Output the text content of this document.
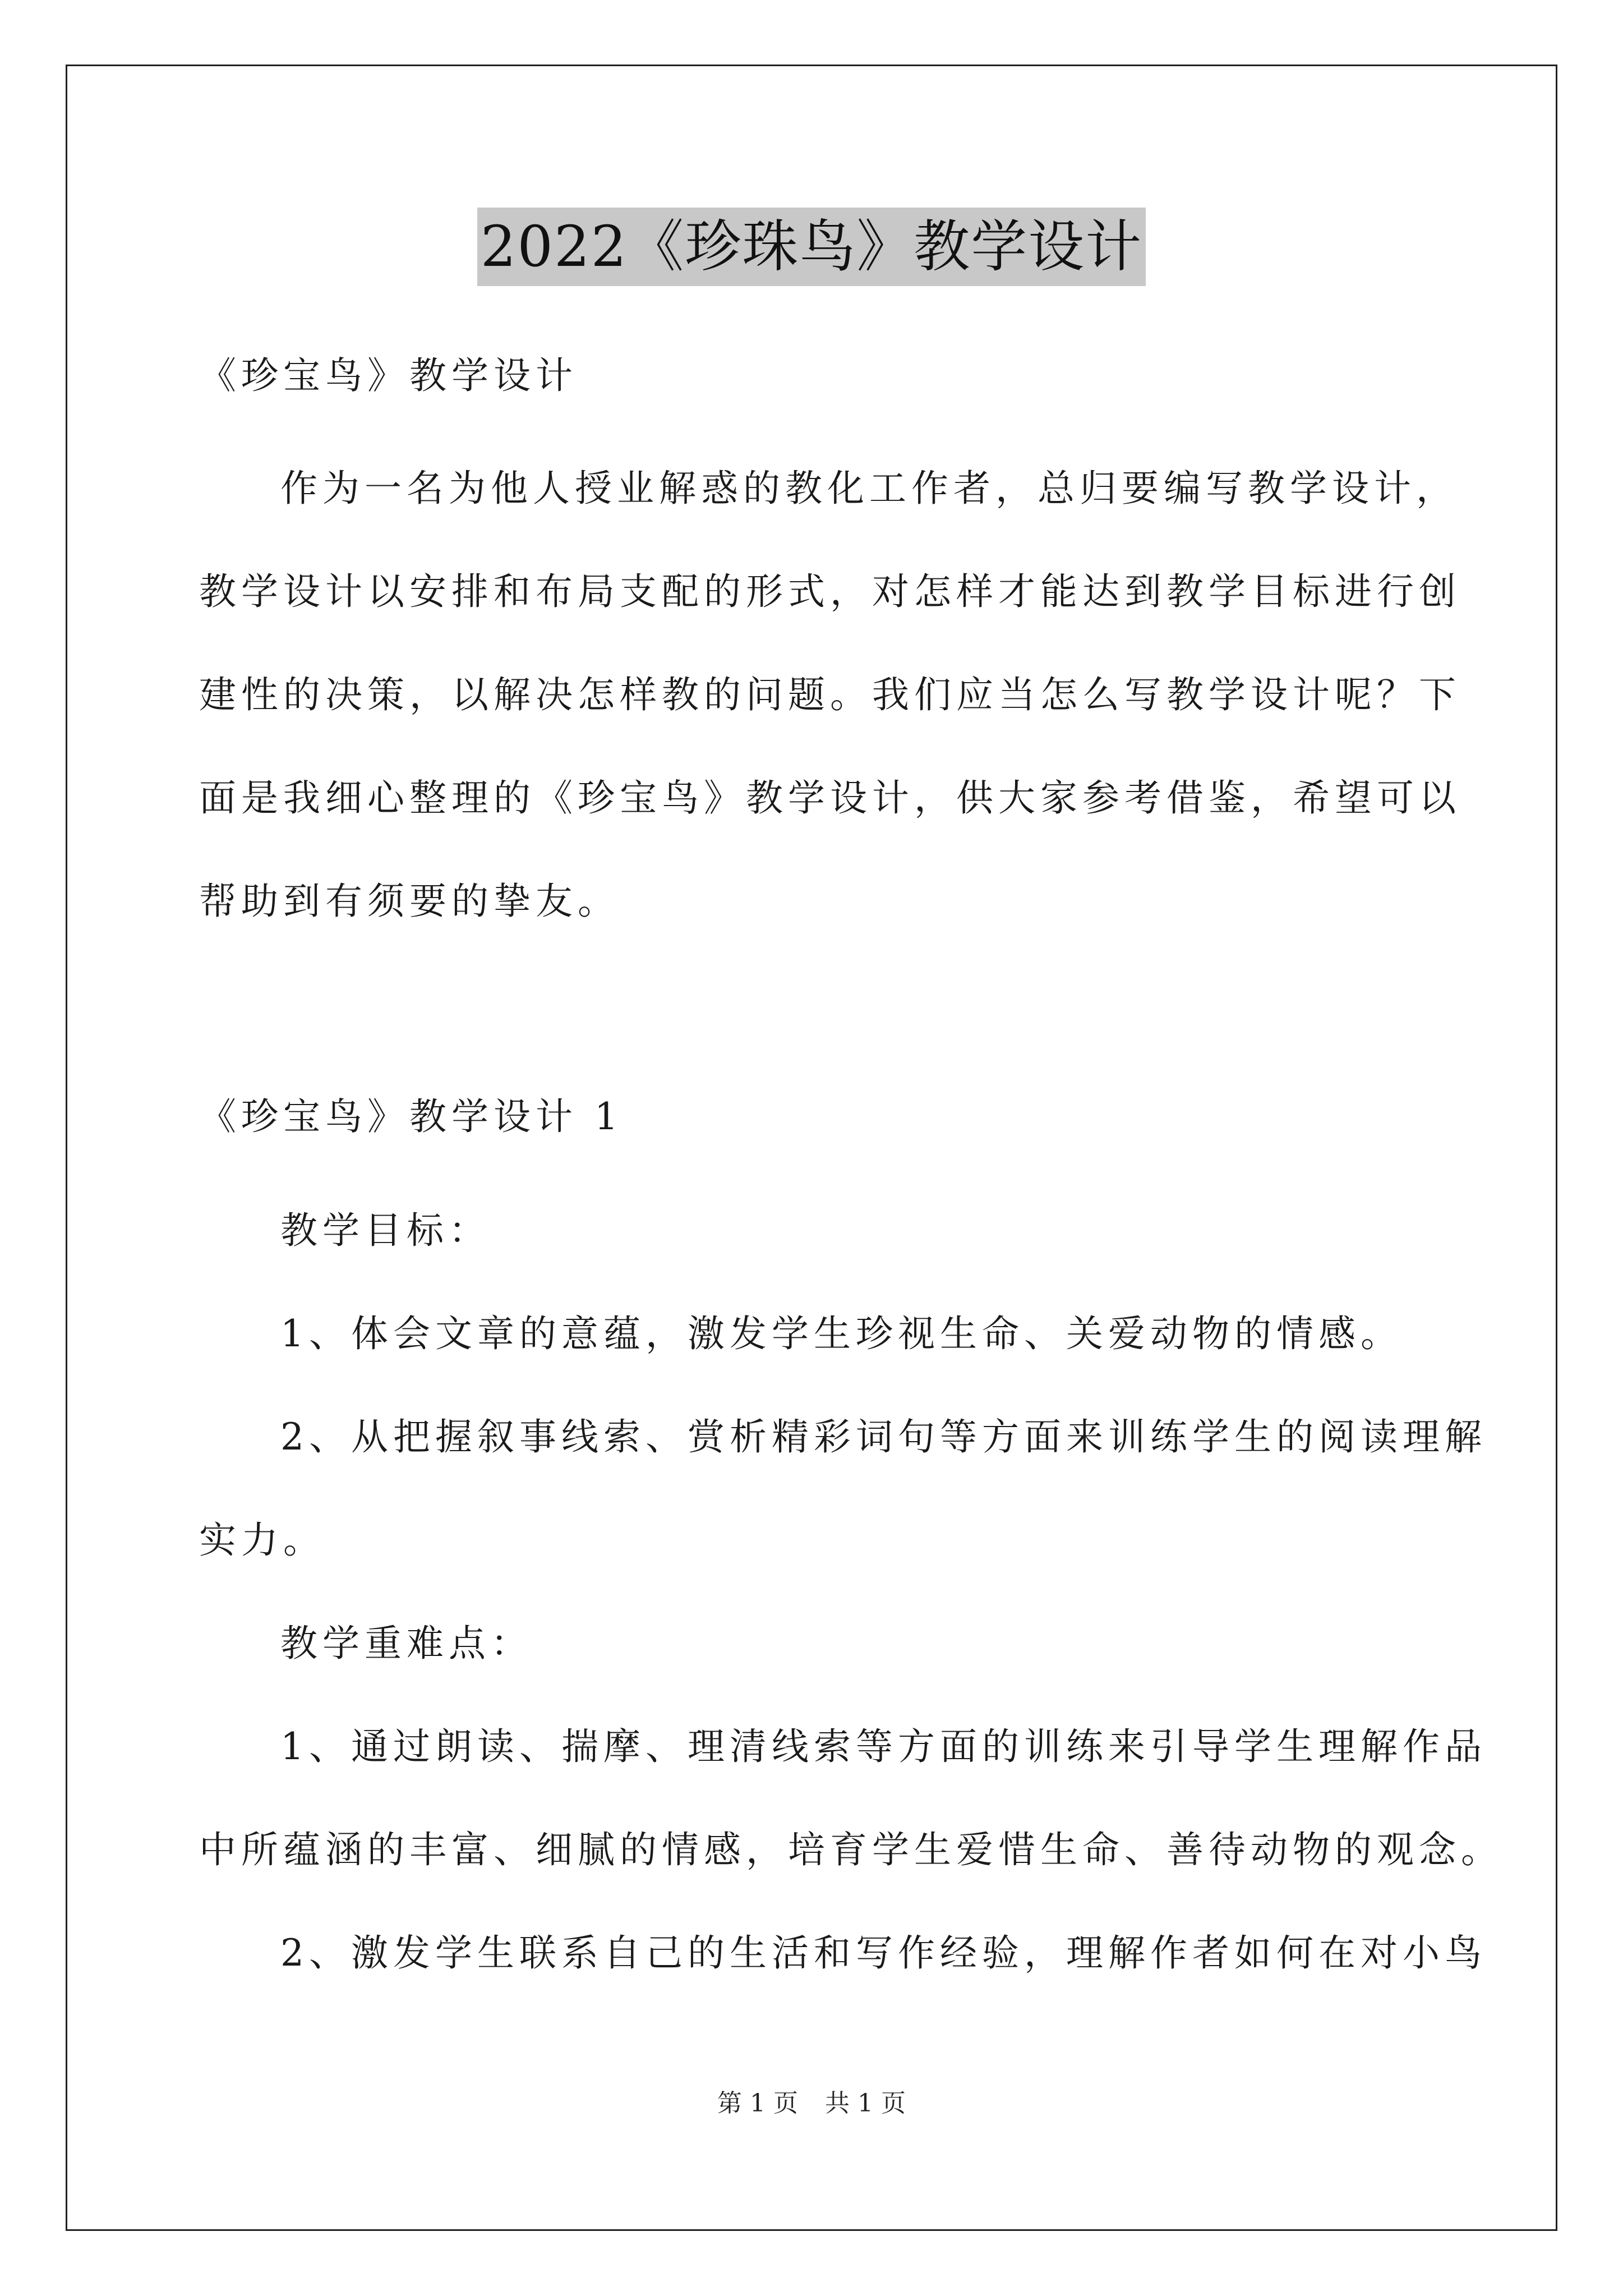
2022《珍珠鸟》教学设计
《珍宝鸟》教学设计
作为一名为他人授业解惑的教化工作者，总归要编写教学设计，
教学设计以安排和布局支配的形式，对怎样才能达到教学目标进行创
建性的决策，以解决怎样教的问题。我们应当怎么写教学设计呢？下
面是我细心整理的《珍宝鸟》教学设计，供大家参考借鉴，希望可以
帮助到有须要的挚友。
《珍宝鸟》教学设计 1
教学目标：
1、体会文章的意蕴，激发学生珍视生命、关爱动物的情感。
2、从把握叙事线索、赏析精彩词句等方面来训练学生的阅读理解
实力。
教学重难点：
1、通过朗读、揣摩、理清线索等方面的训练来引导学生理解作品
中所蕴涵的丰富、细腻的情感，培育学生爱惜生命、善待动物的观念。
2、激发学生联系自己的生活和写作经验，理解作者如何在对小鸟
第 1 页 共 1 页
